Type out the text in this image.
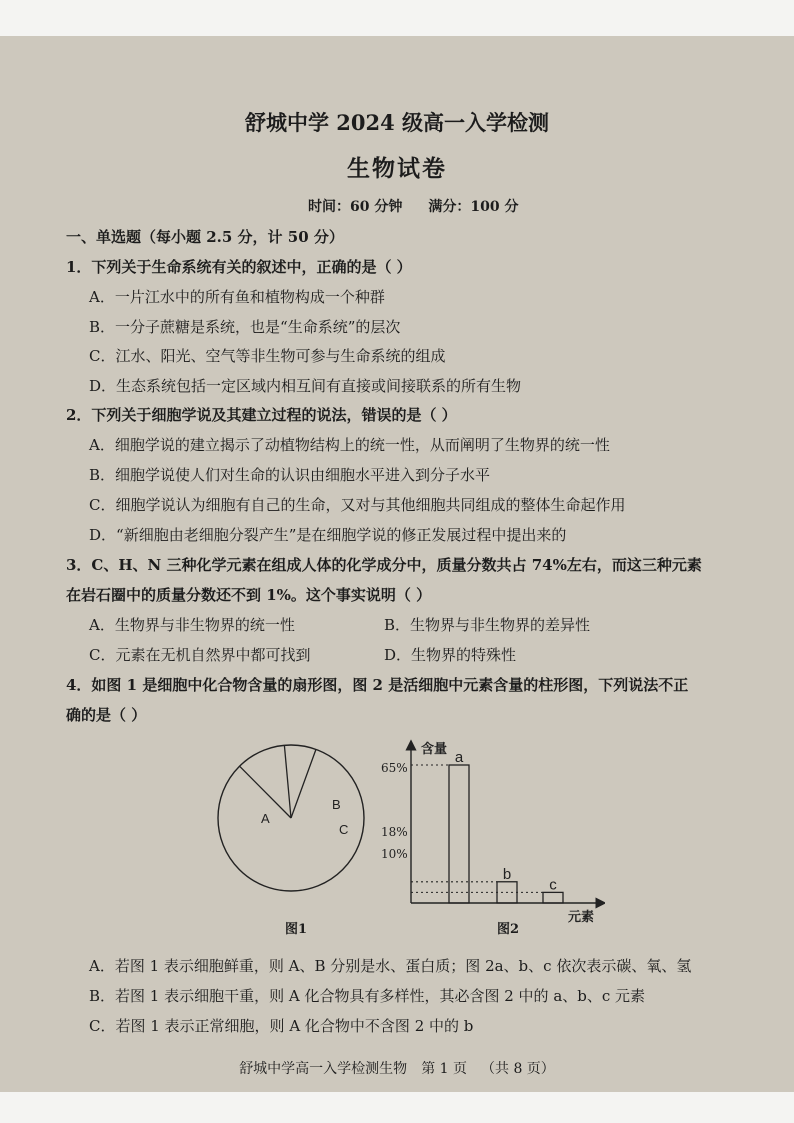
舒城中学 2024 级高一入学检测
生物试卷
时间：60 分钟 满分：100 分
一、单选题（每小题 2.5 分，计 50 分）
1．下列关于生命系统有关的叙述中，正确的是（ ）
A．一片江水中的所有鱼和植物构成一个种群
B．一分子蔗糖是系统，也是“生命系统”的层次
C．江水、阳光、空气等非生物可参与生命系统的组成
D．生态系统包括一定区域内相互间有直接或间接联系的所有生物
2．下列关于细胞学说及其建立过程的说法，错误的是（ ）
A．细胞学说的建立揭示了动植物结构上的统一性，从而阐明了生物界的统一性
B．细胞学说使人们对生命的认识由细胞水平进入到分子水平
C．细胞学说认为细胞有自己的生命，又对与其他细胞共同组成的整体生命起作用
D．“新细胞由老细胞分裂产生”是在细胞学说的修正发展过程中提出来的
3．C、H、N 三种化学元素在组成人体的化学成分中，质量分数共占 74%左右，而这三种元素
在岩石圈中的质量分数还不到 1%。这个事实说明（ ）
A．生物界与非生物界的统一性	B．生物界与非生物界的差异性
C．元素在无机自然界中都可找到	D．生物界的特殊性
4．如图 1 是细胞中化合物含量的扇形图，图 2 是活细胞中元素含量的柱形图，下列说法不正
确的是（ ）
A
B
C
图1
含量
65%
18%
10%
a
b
c
元素
图2
A．若图 1 表示细胞鲜重，则 A、B 分别是水、蛋白质；图 2a、b、c 依次表示碳、氧、氢
B．若图 1 表示细胞干重，则 A 化合物具有多样性，其必含图 2 中的 a、b、c 元素
C．若图 1 表示正常细胞，则 A 化合物中不含图 2 中的 b
舒城中学高一入学检测生物 第 1 页 （共 8 页）
